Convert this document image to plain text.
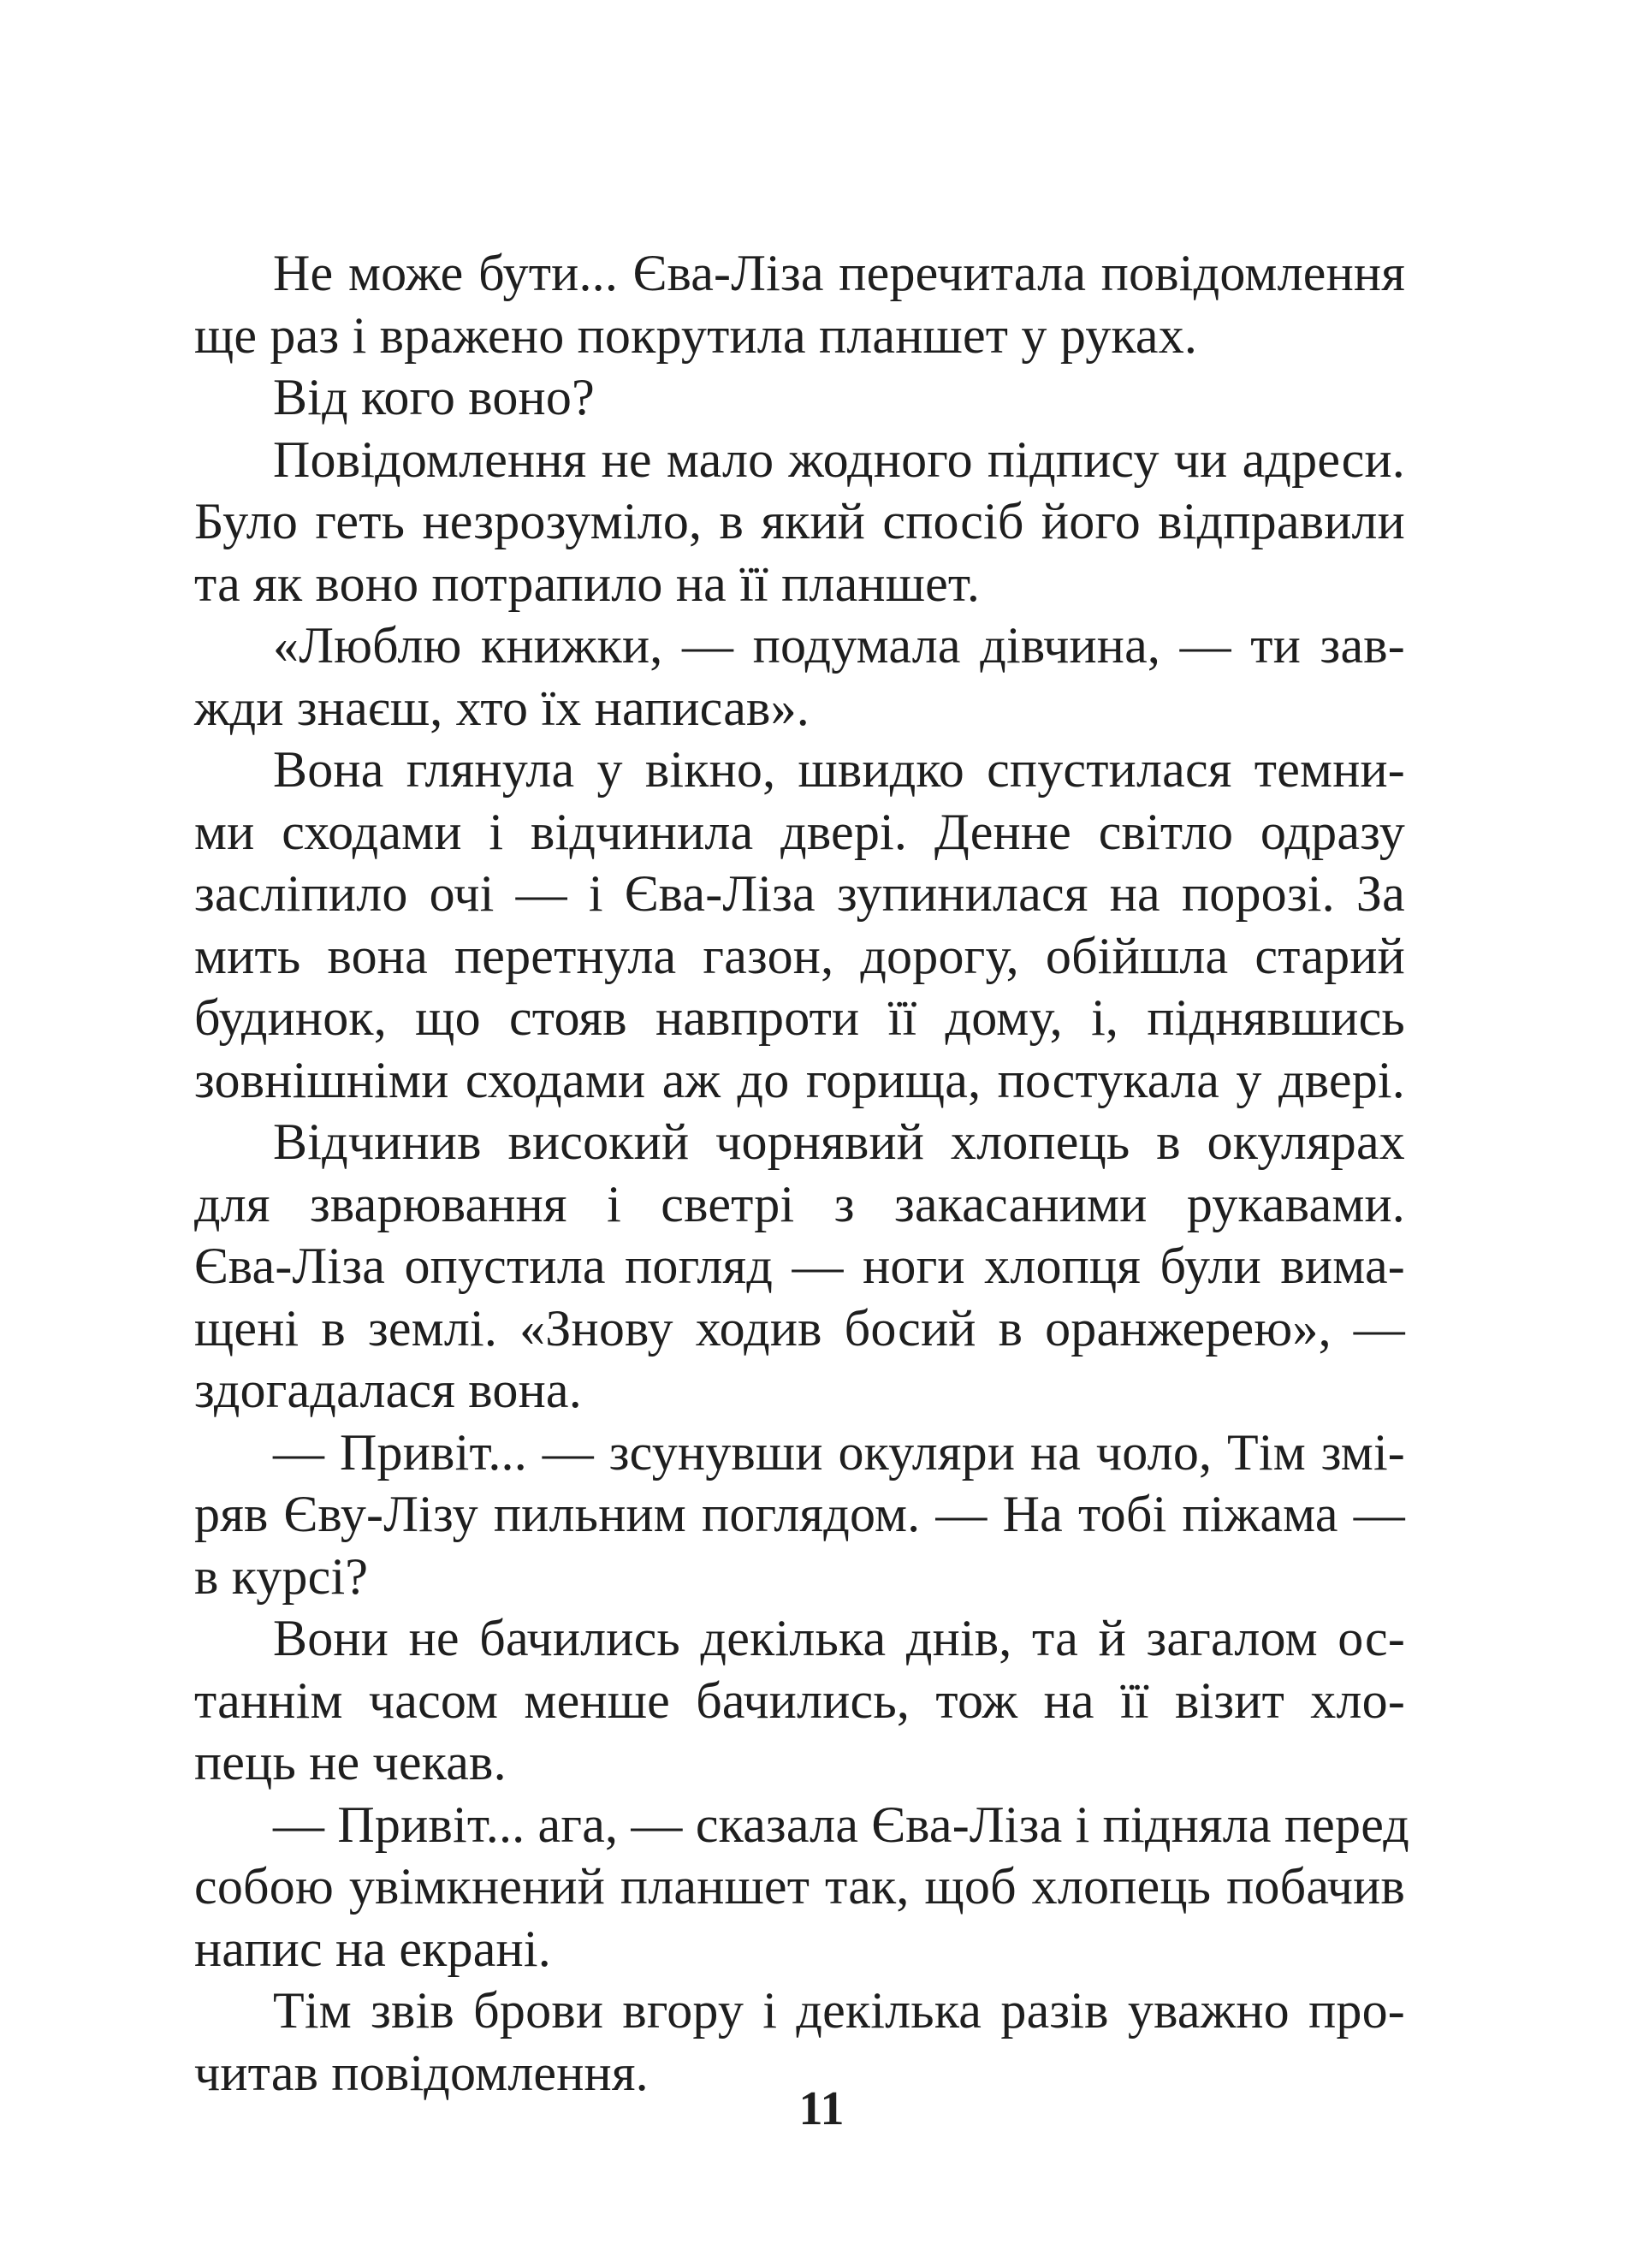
Не може бути... Єва-Ліза перечитала повідомлення
ще раз і вражено покрутила планшет у руках.
Від кого воно?
Повідомлення не мало жодного підпису чи адреси.
Було геть незрозуміло, в який спосіб його відправили
та як воно потрапило на її планшет.
«Люблю книжки, — подумала дівчина, — ти зав-
жди знаєш, хто їх написав».
Вона глянула у вікно, швидко спустилася темни-
ми сходами і відчинила двері. Денне світло одразу
засліпило очі — і Єва-Ліза зупинилася на порозі. За
мить вона перетнула газон, дорогу, обійшла старий
будинок, що стояв навпроти її дому, і, піднявшись
зовнішніми сходами аж до горища, постукала у двері.
Відчинив високий чорнявий хлопець в окулярах
для зварювання і светрі з закасаними рукавами.
Єва-Ліза опустила погляд — ноги хлопця були вима-
щені в землі. «Знову ходив босий в оранжерею», —
здогадалася вона.
— Привіт... — зсунувши окуляри на чоло, Тім змі-
ряв Єву-Лізу пильним поглядом. — На тобі піжама —
в курсі?
Вони не бачились декілька днів, та й загалом ос-
таннім часом менше бачились, тож на її візит хло-
пець не чекав.
— Привіт... ага, — сказала Єва-Ліза і підняла перед
собою увімкнений планшет так, щоб хлопець побачив
напис на екрані.
Тім звів брови вгору і декілька разів уважно про-
читав повідомлення.
11
